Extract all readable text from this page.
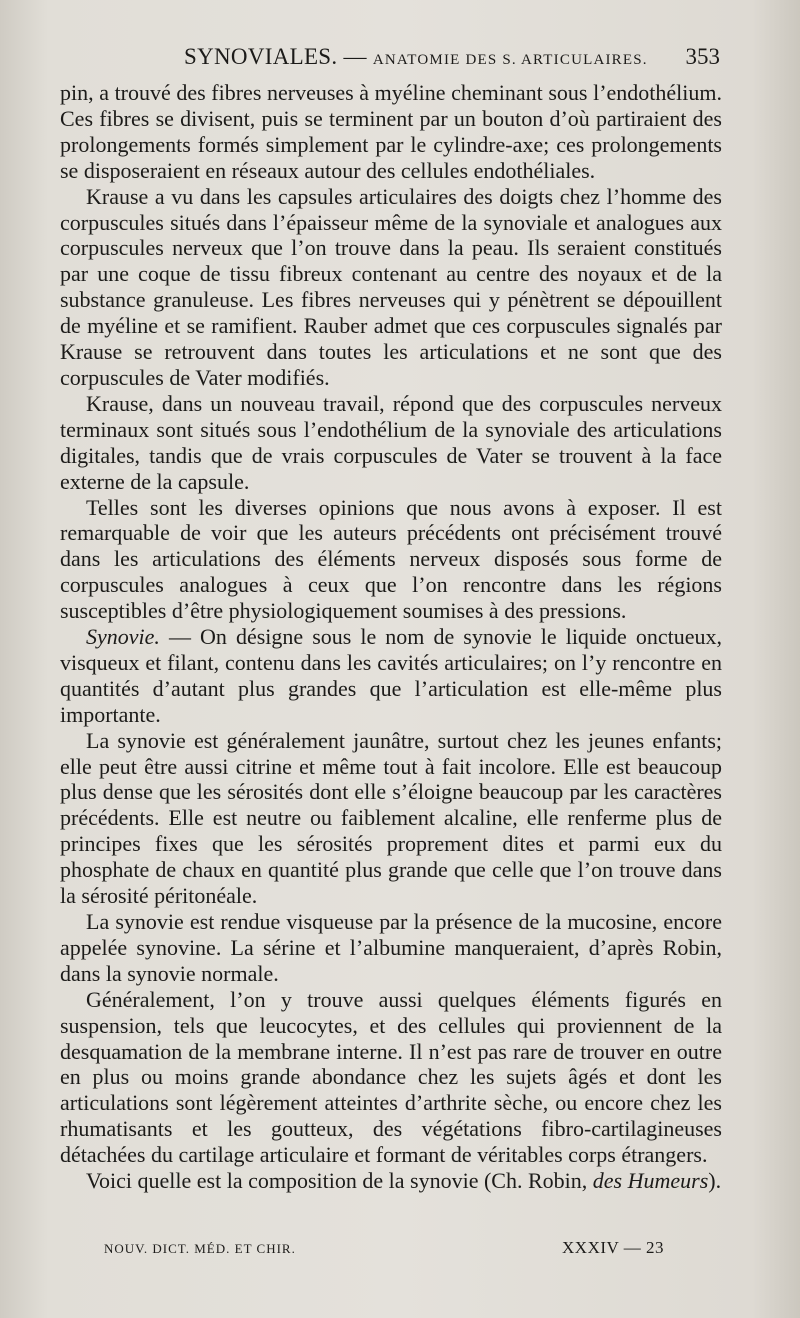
SYNOVIALES. — ANATOMIE DES S. ARTICULAIRES. 353

pin, a trouvé des fibres nerveuses à myéline cheminant sous l’endothélium. Ces fibres se divisent, puis se terminent par un bouton d’où partiraient des prolongements formés simplement par le cylindre-axe; ces prolongements se disposeraient en réseaux autour des cellules endothéliales.

Krause a vu dans les capsules articulaires des doigts chez l’homme des corpuscules situés dans l’épaisseur même de la synoviale et analogues aux corpuscules nerveux que l’on trouve dans la peau. Ils seraient constitués par une coque de tissu fibreux contenant au centre des noyaux et de la substance granuleuse. Les fibres nerveuses qui y pénètrent se dépouillent de myéline et se ramifient. Rauber admet que ces corpuscules signalés par Krause se retrouvent dans toutes les articulations et ne sont que des corpuscules de Vater modifiés.

Krause, dans un nouveau travail, répond que des corpuscules nerveux terminaux sont situés sous l’endothélium de la synoviale des articulations digitales, tandis que de vrais corpuscules de Vater se trouvent à la face externe de la capsule.

Telles sont les diverses opinions que nous avons à exposer. Il est remarquable de voir que les auteurs précédents ont précisément trouvé dans les articulations des éléments nerveux disposés sous forme de corpuscules analogues à ceux que l’on rencontre dans les régions susceptibles d’être physiologiquement soumises à des pressions.

Synovie. — On désigne sous le nom de synovie le liquide onctueux, visqueux et filant, contenu dans les cavités articulaires; on l’y rencontre en quantités d’autant plus grandes que l’articulation est elle-même plus importante.

La synovie est généralement jaunâtre, surtout chez les jeunes enfants; elle peut être aussi citrine et même tout à fait incolore. Elle est beaucoup plus dense que les sérosités dont elle s’éloigne beaucoup par les caractères précédents. Elle est neutre ou faiblement alcaline, elle renferme plus de principes fixes que les sérosités proprement dites et parmi eux du phosphate de chaux en quantité plus grande que celle que l’on trouve dans la sérosité péritonéale.

La synovie est rendue visqueuse par la présence de la mucosine, encore appelée synovine. La sérine et l’albumine manqueraient, d’après Robin, dans la synovie normale.

Généralement, l’on y trouve aussi quelques éléments figurés en suspension, tels que leucocytes, et des cellules qui proviennent de la desquamation de la membrane interne. Il n’est pas rare de trouver en outre en plus ou moins grande abondance chez les sujets âgés et dont les articulations sont légèrement atteintes d’arthrite sèche, ou encore chez les rhumatisants et les goutteux, des végétations fibro-cartilagineuses détachées du cartilage articulaire et formant de véritables corps étrangers.

Voici quelle est la composition de la synovie (Ch. Robin, des Humeurs).

NOUV. DICT. MÉD. ET CHIR.	XXXIV — 23
